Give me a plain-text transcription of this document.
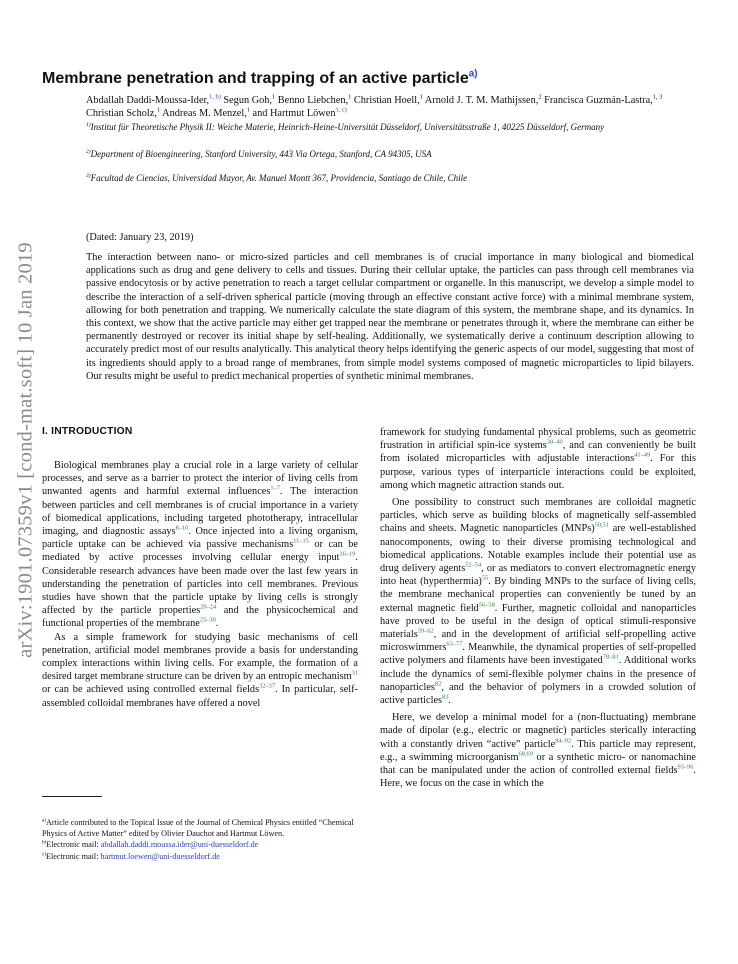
arXiv:1901.07359v1 [cond-mat.soft] 10 Jan 2019
Membrane penetration and trapping of an active particle$^{a)}$
Abdallah Daddi-Moussa-Ider,$^{1, b)}$ Segun Goh,$^1$ Benno Liebchen,$^1$ Christian Hoell,$^1$ Arnold J. T. M. Mathijssen,$^2$ Francisca Guzmán-Lastra,$^{1, 3}$ Christian Scholz,$^1$ Andreas M. Menzel,$^1$ and Hartmut Löwen$^{1, c)}$
$^{1)}$Institut für Theoretische Physik II: Weiche Materie, Heinrich-Heine-Universität Düsseldorf, Universitätsstraße 1, 40225 Düsseldorf, Germany
$^{2)}$Department of Bioengineering, Stanford University, 443 Via Ortega, Stanford, CA 94305, USA
$^{3)}$Facultad de Ciencias, Universidad Mayor, Av. Manuel Montt 367, Providencia, Santiago de Chile, Chile
(Dated: January 23, 2019)
The interaction between nano- or micro-sized particles and cell membranes is of crucial importance in many biological and biomedical applications such as drug and gene delivery to cells and tissues. During their cellular uptake, the particles can pass through cell membranes via passive endocytosis or by active penetration to reach a target cellular compartment or organelle. In this manuscript, we develop a simple model to describe the interaction of a self-driven spherical particle (moving through an effective constant active force) with a minimal membrane system, allowing for both penetration and trapping. We numerically calculate the state diagram of this system, the membrane shape, and its dynamics. In this context, we show that the active particle may either get trapped near the membrane or penetrates through it, where the membrane can either be permanently destroyed or recover its initial shape by self-healing. Additionally, we systematically derive a continuum description allowing to accurately predict most of our results analytically. This analytical theory helps identifying the generic aspects of our model, suggesting that most of its ingredients should apply to a broad range of membranes, from simple model systems composed of magnetic microparticles to lipid bilayers. Our results might be useful to predict mechanical properties of synthetic minimal membranes.
I. INTRODUCTION

Biological membranes play a crucial role in a large variety of cellular processes, and serve as a barrier to protect the interior of living cells from unwanted agents and harmful external influences$^{1-7}$. The interaction between particles and cell membranes is of crucial importance in a variety of biomedical applications, including targeted phototherapy, intracellular imaging, and diagnostic assays$^{8-10}$. Once injected into a living organism, particle uptake can be achieved via passive mechanisms$^{11-15}$ or can be mediated by active processes involving cellular energy input$^{16-19}$. Considerable research advances have been made over the last few years in understanding the penetration of particles into cell membranes. Previous studies have shown that the particle uptake by living cells is strongly affected by the particle properties$^{20-24}$ and the physicochemical and functional properties of the membrane$^{25-30}$.

As a simple framework for studying basic mechanisms of cell penetration, artificial model membranes provide a basis for understanding complex interactions within living cells. For example, the formation of a desired target membrane structure can be driven by an entropic mechanism$^{31}$ or can be achieved using controlled external fields$^{32-37}$. In particular, self-assembled colloidal membranes have offered a novel

framework for studying fundamental physical problems, such as geometric frustration in artificial spin-ice systems$^{38-40}$, and can conveniently be built from isolated microparticles with adjustable interactions$^{41-49}$. For this purpose, various types of interparticle interactions could be exploited, among which magnetic attraction stands out.

One possibility to construct such membranes are colloidal magnetic particles, which serve as building blocks of magnetically self-assembled chains and sheets. Magnetic nanoparticles (MNPs)$^{50,51}$ are well-established nanocomponents, owing to their diverse promising technological and biomedical applications. Notable examples include their potential use as drug delivery agents$^{52-54}$, or as mediators to convert electromagnetic energy into heat (hyperthermia)$^{55}$. By binding MNPs to the surface of living cells, the membrane mechanical properties can conveniently be tuned by an external magnetic field$^{56-58}$. Further, magnetic colloidal and nanoparticles have proved to be useful in the design of optical stimuli-responsive materials$^{59-62}$, and in the development of artificial self-propelling active microswimmers$^{63-77}$. Meanwhile, the dynamical properties of self-propelled active polymers and filaments have been investigated$^{78-81}$. Additional works include the dynamics of semi-flexible polymer chains in the presence of nanoparticles$^{82}$, and the behavior of polymers in a crowded solution of active particles$^{83}$.

Here, we develop a minimal model for a (non-fluctuating) membrane made of dipolar (e.g., electric or magnetic) particles sterically interacting with a constantly driven “active” particle$^{84-92}$. This particle may represent, e.g., a swimming microorganism$^{68,69}$ or a synthetic micro- or nanomachine that can be manipulated under the action of controlled external fields$^{93-96}$. Here, we focus on the case in which the

$^{a)}$Article contributed to the Topical Issue of the Journal of Chemical Physics entitled “Chemical Physics of Active Matter” edited by Olivier Dauchot and Hartmut Löwen.
$^{b)}$Electronic mail: abdallah.daddi.moussa.ider@uni-duesseldorf.de
$^{c)}$Electronic mail: hartmut.loewen@uni-duesseldorf.de
